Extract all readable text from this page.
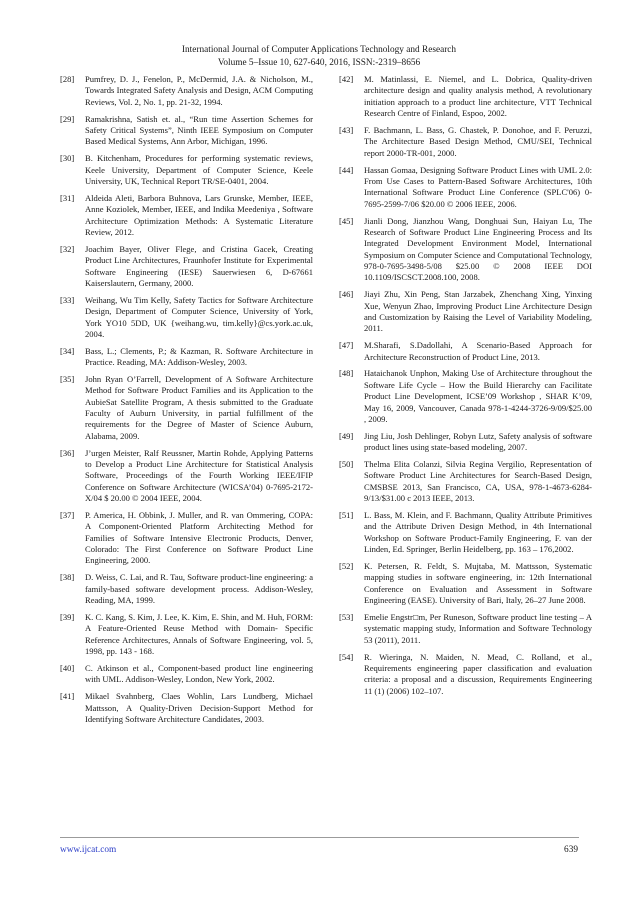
International Journal of Computer Applications Technology and Research
Volume 5–Issue 10, 627-640, 2016, ISSN:-2319–8656
[28] Pumfrey, D. J., Fenelon, P., McDermid, J.A. & Nicholson, M., Towards Integrated Safety Analysis and Design, ACM Computing Reviews, Vol. 2, No. 1, pp. 21-32, 1994.
[29] Ramakrishna, Satish et. al., “Run time Assertion Schemes for Safety Critical Systems”, Ninth IEEE Symposium on Computer Based Medical Systems, Ann Arbor, Michigan, 1996.
[30] B. Kitchenham, Procedures for performing systematic reviews, Keele University, Department of Computer Science, Keele University, UK, Technical Report TR/SE-0401, 2004.
[31] Aldeida Aleti, Barbora Buhnova, Lars Grunske, Member, IEEE, Anne Koziolek, Member, IEEE, and Indika Meedeniya , Software Architecture Optimization Methods: A Systematic Literature Review, 2012.
[32] Joachim Bayer, Oliver Flege, and Cristina Gacek, Creating Product Line Architectures, Fraunhofer Institute for Experimental Software Engineering (IESE) Sauerwiesen 6, D-67661 Kaiserslautern, Germany, 2000.
[33] Weihang, Wu Tim Kelly, Safety Tactics for Software Architecture Design, Department of Computer Science, University of York, York YO10 5DD, UK {weihang.wu, tim.kelly}@cs.york.ac.uk, 2004.
[34] Bass, L.; Clements, P.; & Kazman, R. Software Architecture in Practice. Reading, MA: Addison-Wesley, 2003.
[35] John Ryan O’Farrell, Development of A Software Architecture Method for Software Product Families and its Application to the AubieSat Satellite Program, A thesis submitted to the Graduate Faculty of Auburn University, in partial fulfillment of the requirements for the Degree of Master of Science Auburn, Alabama, 2009.
[36] J’urgen Meister, Ralf Reussner, Martin Rohde, Applying Patterns to Develop a Product Line Architecture for Statistical Analysis Software, Proceedings of the Fourth Working IEEE/IFIP Conference on Software Architecture (WICSA’04) 0-7695-2172-X/04 $ 20.00 © 2004 IEEE, 2004.
[37] P. America, H. Obbink, J. Muller, and R. van Ommering, COPA: A Component-Oriented Platform Architecting Method for Families of Software Intensive Electronic Products, Denver, Colorado: The First Conference on Software Product Line Engineering, 2000.
[38] D. Weiss, C. Lai, and R. Tau, Software product-line engineering: a family-based software development process. Addison-Wesley, Reading, MA, 1999.
[39] K. C. Kang, S. Kim, J. Lee, K. Kim, E. Shin, and M. Huh, FORM: A Feature-Oriented Reuse Method with Domain- Specific Reference Architectures, Annals of Software Engineering, vol. 5, 1998, pp. 143 - 168.
[40] C. Atkinson et al., Component-based product line engineering with UML. Addison-Wesley, London, New York, 2002.
[41] Mikael Svahnberg, Claes Wohlin, Lars Lundberg, Michael Mattsson, A Quality-Driven Decision-Support Method for Identifying Software Architecture Candidates, 2003.
[42] M. Matinlassi, E. Niemel, and L. Dobrica, Quality-driven architecture design and quality analysis method, A revolutionary initiation approach to a product line architecture, VTT Technical Research Centre of Finland, Espoo, 2002.
[43] F. Bachmann, L. Bass, G. Chastek, P. Donohoe, and F. Peruzzi, The Architecture Based Design Method, CMU/SEI, Technical report 2000-TR-001, 2000.
[44] Hassan Gomaa, Designing Software Product Lines with UML 2.0: From Use Cases to Pattern-Based Software Architectures, 10th International Software Product Line Conference (SPLC'06) 0-7695-2599-7/06 $20.00 © 2006 IEEE, 2006.
[45] Jianli Dong, Jianzhou Wang, Donghuai Sun, Haiyan Lu, The Research of Software Product Line Engineering Process and Its Integrated Development Environment Model, International Symposium on Computer Science and Computational Technology, 978-0-7695-3498-5/08 $25.00 © 2008 IEEE DOI 10.1109/ISCSCT.2008.100, 2008.
[46] Jiayi Zhu, Xin Peng, Stan Jarzabek, Zhenchang Xing, Yinxing Xue, Wenyun Zhao, Improving Product Line Architecture Design and Customization by Raising the Level of Variability Modeling, 2011.
[47] M.Sharafi, S.Dadollahi, A Scenario-Based Approach for Architecture Reconstruction of Product Line, 2013.
[48] Hataichanok Unphon, Making Use of Architecture throughout the Software Life Cycle – How the Build Hierarchy can Facilitate Product Line Development, ICSE’09 Workshop , SHAR K’09, May 16, 2009, Vancouver, Canada 978-1-4244-3726-9/09/$25.00 , 2009.
[49] Jing Liu, Josh Dehlinger, Robyn Lutz, Safety analysis of software product lines using state-based modeling, 2007.
[50] Thelma Elita Colanzi, Silvia Regina Vergilio, Representation of Software Product Line Architectures for Search-Based Design, CMSBSE 2013, San Francisco, CA, USA, 978-1-4673-6284-9/13/$31.00 c 2013 IEEE, 2013.
[51] L. Bass, M. Klein, and F. Bachmann, Quality Attribute Primitives and the Attribute Driven Design Method, in 4th International Workshop on Software Product-Family Engineering, F. van der Linden, Ed. Springer, Berlin Heidelberg, pp. 163 – 176,2002.
[52] K. Petersen, R. Feldt, S. Mujtaba, M. Mattsson, Systematic mapping studies in software engineering, in: 12th International Conference on Evaluation and Assessment in Software Engineering (EASE). University of Bari, Italy, 26–27 June 2008.
[53] Emelie Engstr□m, Per Runeson, Software product line testing – A systematic mapping study, Information and Software Technology 53 (2011), 2011.
[54] R. Wieringa, N. Maiden, N. Mead, C. Rolland, et al., Requirements engineering paper classification and evaluation criteria: a proposal and a discussion, Requirements Engineering 11 (1) (2006) 102–107.
www.ijcat.com	639
